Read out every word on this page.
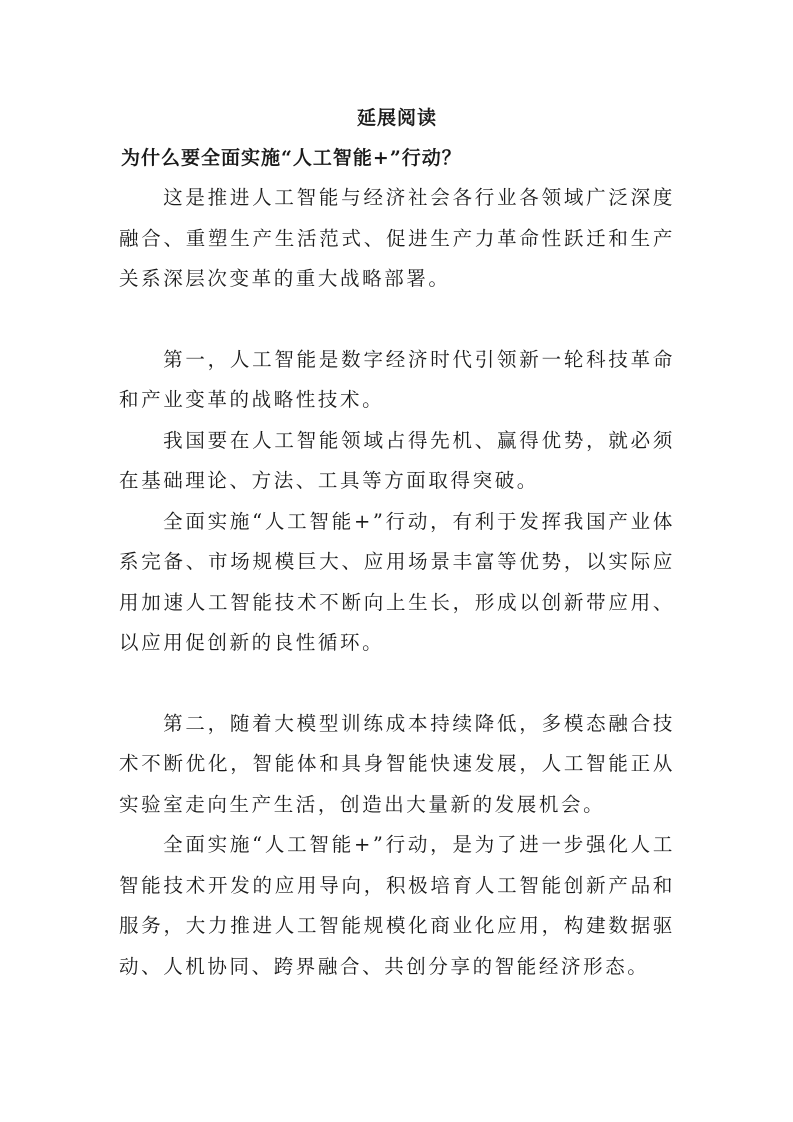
延展阅读
为什么要全面实施“人工智能+”行动？

这是推进人工智能与经济社会各行业各领域广泛深度融合、重塑生产生活范式、促进生产力革命性跃迁和生产关系深层次变革的重大战略部署。

第一，人工智能是数字经济时代引领新一轮科技革命和产业变革的战略性技术。

我国要在人工智能领域占得先机、赢得优势，就必须在基础理论、方法、工具等方面取得突破。

全面实施“人工智能+”行动，有利于发挥我国产业体系完备、市场规模巨大、应用场景丰富等优势，以实际应用加速人工智能技术不断向上生长，形成以创新带应用、以应用促创新的良性循环。

第二，随着大模型训练成本持续降低，多模态融合技术不断优化，智能体和具身智能快速发展，人工智能正从实验室走向生产生活，创造出大量新的发展机会。

全面实施“人工智能+”行动，是为了进一步强化人工智能技术开发的应用导向，积极培育人工智能创新产品和服务，大力推进人工智能规模化商业化应用，构建数据驱动、人机协同、跨界融合、共创分享的智能经济形态。
